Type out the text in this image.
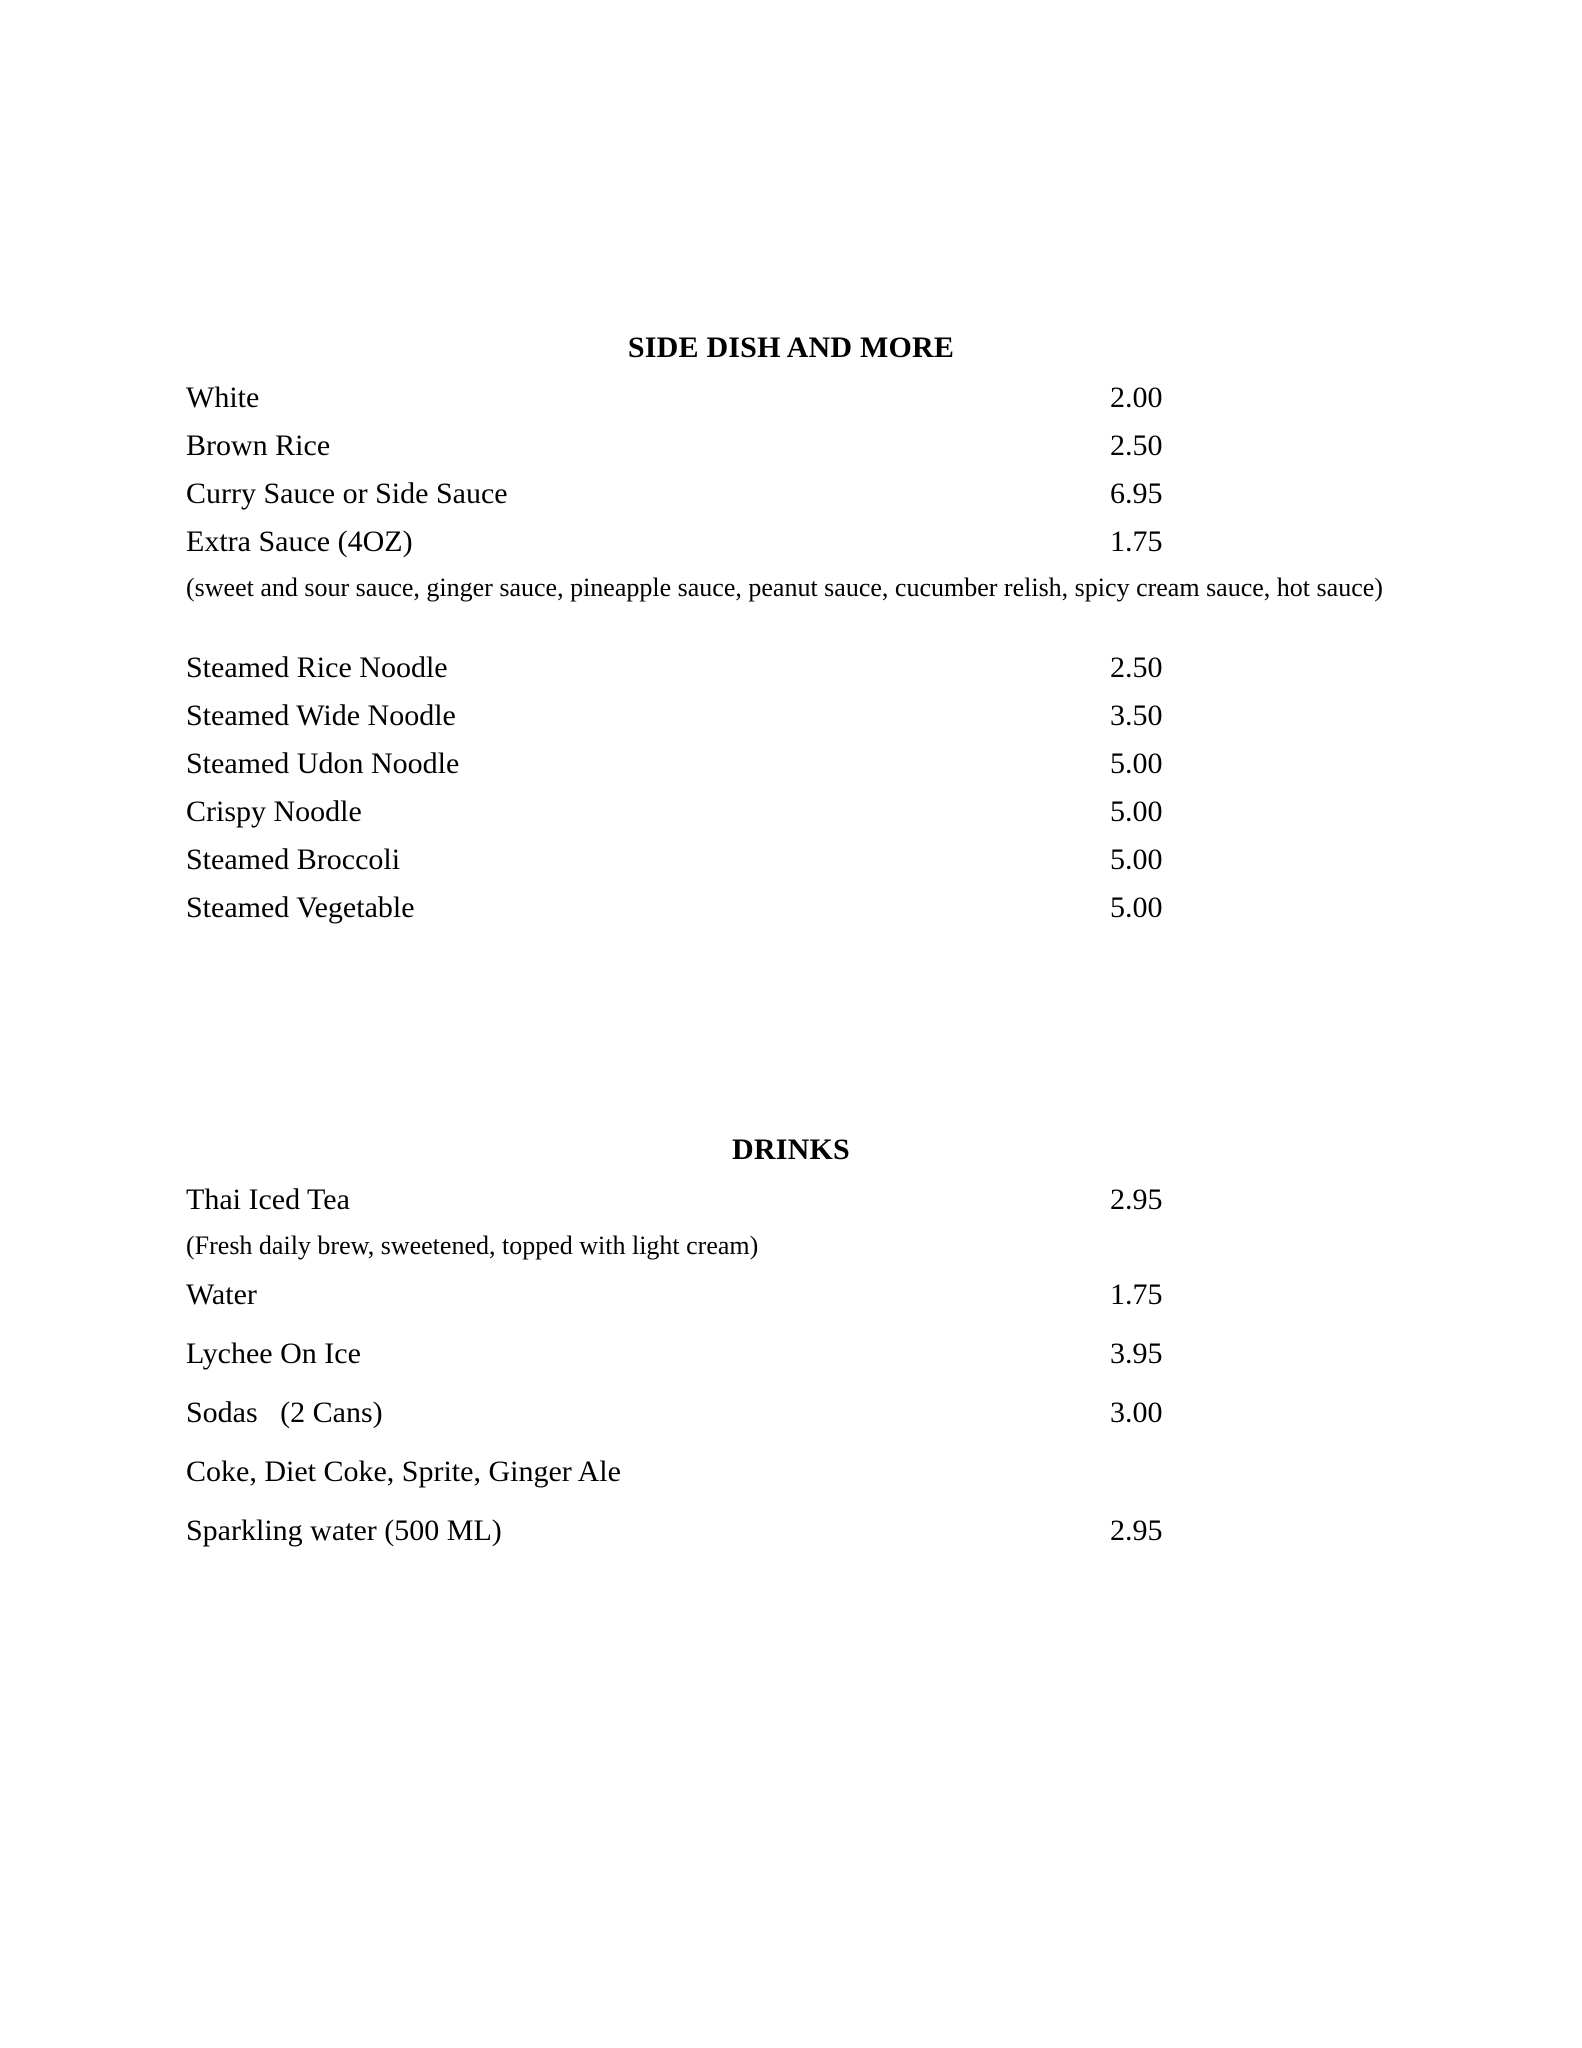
SIDE DISH AND MORE
White	2.00
Brown Rice	2.50
Curry Sauce or Side Sauce	6.95
Extra Sauce (4OZ)	1.75
(sweet and sour sauce, ginger sauce, pineapple sauce, peanut sauce, cucumber relish, spicy cream sauce, hot sauce)
Steamed Rice Noodle	2.50
Steamed Wide Noodle	3.50
Steamed Udon Noodle	5.00
Crispy Noodle	5.00
Steamed Broccoli	5.00
Steamed Vegetable	5.00
DRINKS
Thai Iced Tea	2.95
(Fresh daily brew, sweetened, topped with light cream)
Water	1.75
Lychee On Ice	3.95
Sodas   (2 Cans)	3.00
Coke, Diet Coke, Sprite, Ginger Ale
Sparkling water (500 ML)	2.95
